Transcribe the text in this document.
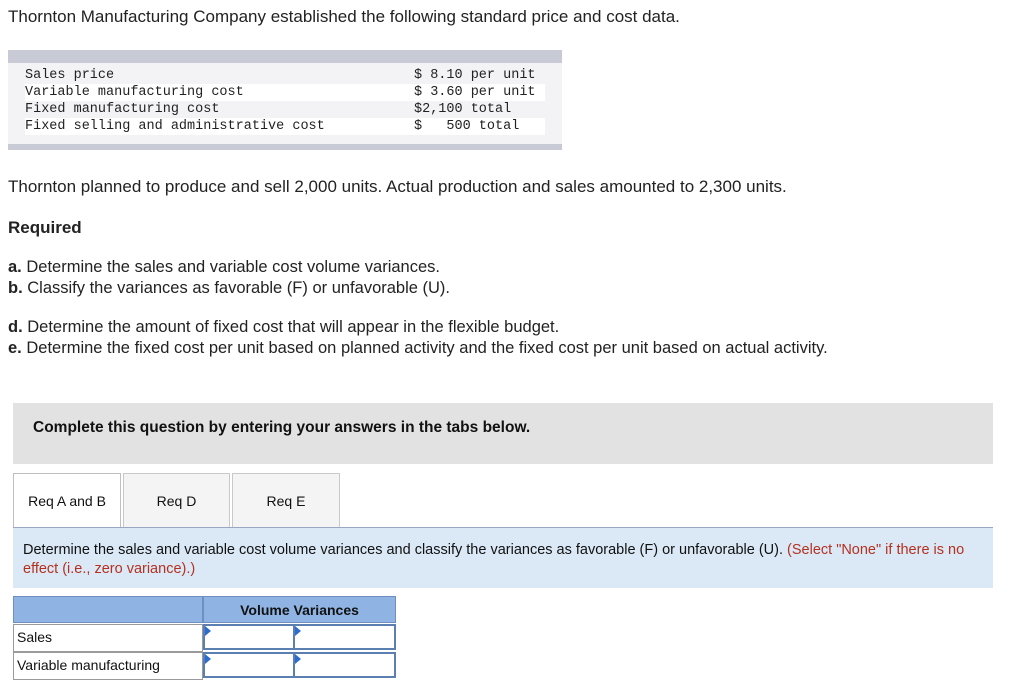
Thornton Manufacturing Company established the following standard price and cost data.
Sales price	$ 8.10 per unit
Variable manufacturing cost	$ 3.60 per unit
Fixed manufacturing cost	$2,100 total
Fixed selling and administrative cost	$   500 total
Thornton planned to produce and sell 2,000 units. Actual production and sales amounted to 2,300 units.
Required
a. Determine the sales and variable cost volume variances.
b. Classify the variances as favorable (F) or unfavorable (U).
d. Determine the amount of fixed cost that will appear in the flexible budget.
e. Determine the fixed cost per unit based on planned activity and the fixed cost per unit based on actual activity.
Complete this question by entering your answers in the tabs below.
Req A and B	Req D	Req E
Determine the sales and variable cost volume variances and classify the variances as favorable (F) or unfavorable (U). (Select "None" if there is no effect (i.e., zero variance).)
Volume Variances
Sales
Variable manufacturing
